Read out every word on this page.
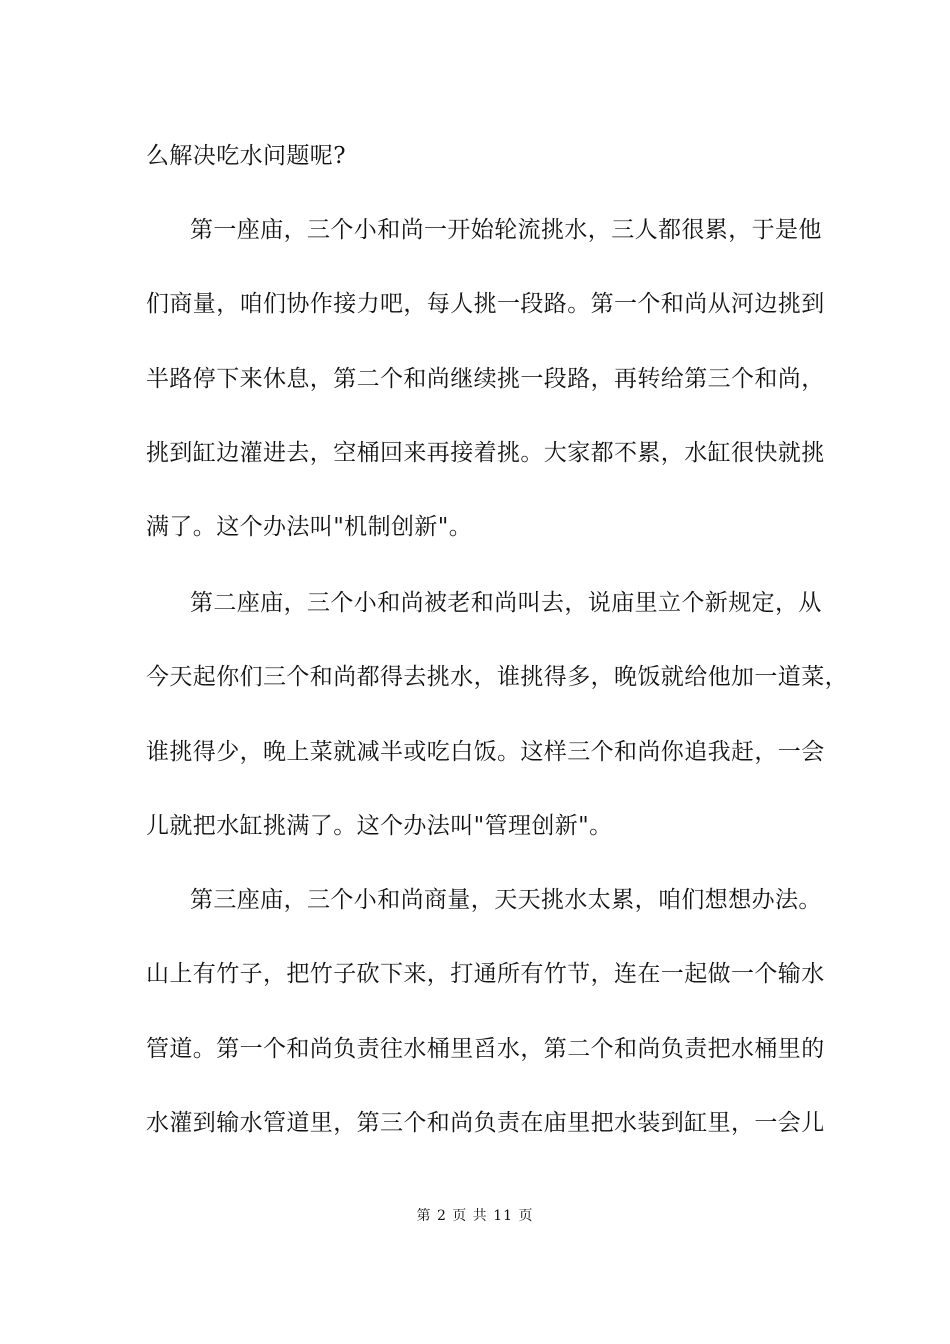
么解决吃水问题呢?
第一座庙，三个小和尚一开始轮流挑水，三人都很累，于是他
们商量，咱们协作接力吧，每人挑一段路。第一个和尚从河边挑到
半路停下来休息，第二个和尚继续挑一段路，再转给第三个和尚，
挑到缸边灌进去，空桶回来再接着挑。大家都不累，水缸很快就挑
满了。这个办法叫"机制创新"。
第二座庙，三个小和尚被老和尚叫去，说庙里立个新规定，从
今天起你们三个和尚都得去挑水，谁挑得多，晚饭就给他加一道菜，
谁挑得少，晚上菜就减半或吃白饭。这样三个和尚你追我赶，一会
儿就把水缸挑满了。这个办法叫"管理创新"。
第三座庙，三个小和尚商量，天天挑水太累，咱们想想办法。
山上有竹子，把竹子砍下来，打通所有竹节，连在一起做一个输水
管道。第一个和尚负责往水桶里舀水，第二个和尚负责把水桶里的
水灌到输水管道里，第三个和尚负责在庙里把水装到缸里，一会儿
第 2 页 共 11 页
